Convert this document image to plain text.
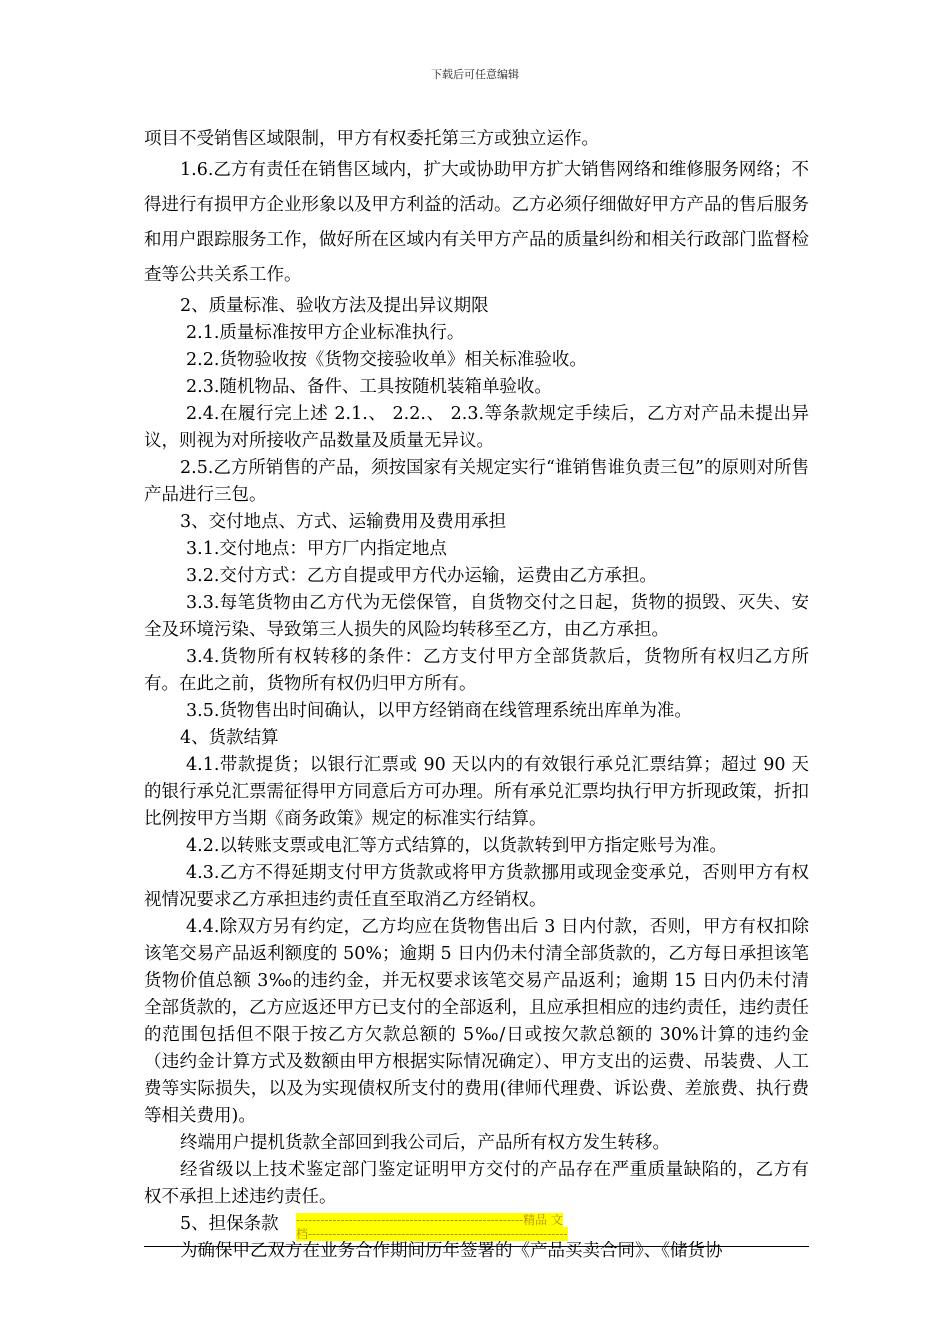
下载后可任意编辑

项目不受销售区域限制，甲方有权委托第三方或独立运作。

1.6.乙方有责任在销售区域内，扩大或协助甲方扩大销售网络和维修服务网络；不得进行有损甲方企业形象以及甲方利益的活动。乙方必须仔细做好甲方产品的售后服务和用户跟踪服务工作，做好所在区域内有关甲方产品的质量纠纷和相关行政部门监督检查等公共关系工作。

2、质量标准、验收方法及提出异议期限

2.1.质量标准按甲方企业标准执行。

2.2.货物验收按《货物交接验收单》相关标准验收。

2.3.随机物品、备件、工具按随机装箱单验收。

2.4.在履行完上述 2.1.、 2.2.、 2.3.等条款规定手续后，乙方对产品未提出异议，则视为对所接收产品数量及质量无异议。

2.5.乙方所销售的产品，须按国家有关规定实行“谁销售谁负责三包”的原则对所售产品进行三包。

3、交付地点、方式、运输费用及费用承担

3.1.交付地点：甲方厂内指定地点

3.2.交付方式：乙方自提或甲方代办运输，运费由乙方承担。

3.3.每笔货物由乙方代为无偿保管，自货物交付之日起，货物的损毁、灭失、安全及环境污染、导致第三人损失的风险均转移至乙方，由乙方承担。

3.4.货物所有权转移的条件：乙方支付甲方全部货款后，货物所有权归乙方所有。在此之前，货物所有权仍归甲方所有。

3.5.货物售出时间确认，以甲方经销商在线管理系统出库单为准。

4、货款结算

4.1.带款提货；以银行汇票或 90 天以内的有效银行承兑汇票结算；超过 90 天的银行承兑汇票需征得甲方同意后方可办理。所有承兑汇票均执行甲方折现政策，折扣比例按甲方当期《商务政策》规定的标准实行结算。

4.2.以转账支票或电汇等方式结算的，以货款转到甲方指定账号为准。

4.3.乙方不得延期支付甲方货款或将甲方货款挪用或现金变承兑，否则甲方有权视情况要求乙方承担违约责任直至取消乙方经销权。

4.4.除双方另有约定，乙方均应在货物售出后 3 日内付款，否则，甲方有权扣除该笔交易产品返利额度的 50%；逾期 5 日内仍未付清全部货款的，乙方每日承担该笔货物价值总额 3‰的违约金，并无权要求该笔交易产品返利；逾期 15 日内仍未付清全部货款的，乙方应返还甲方已支付的全部返利，且应承担相应的违约责任，违约责任的范围包括但不限于按乙方欠款总额的 5‰/日或按欠款总额的 30%计算的违约金（违约金计算方式及数额由甲方根据实际情况确定）、甲方支出的运费、吊装费、人工费等实际损失，以及为实现债权所支付的费用(律师代理费、诉讼费、差旅费、执行费等相关费用)。

终端用户提机货款全部回到我公司后，产品所有权方发生转移。

经省级以上技术鉴定部门鉴定证明甲方交付的产品存在严重质量缺陷的，乙方有权不承担上述违约责任。

5、担保条款

为确保甲乙双方在业务合作期间历年签署的《产品买卖合同》、《储货协

--------------------------------------------------------精品 文
档----------------------------------------------------------------
